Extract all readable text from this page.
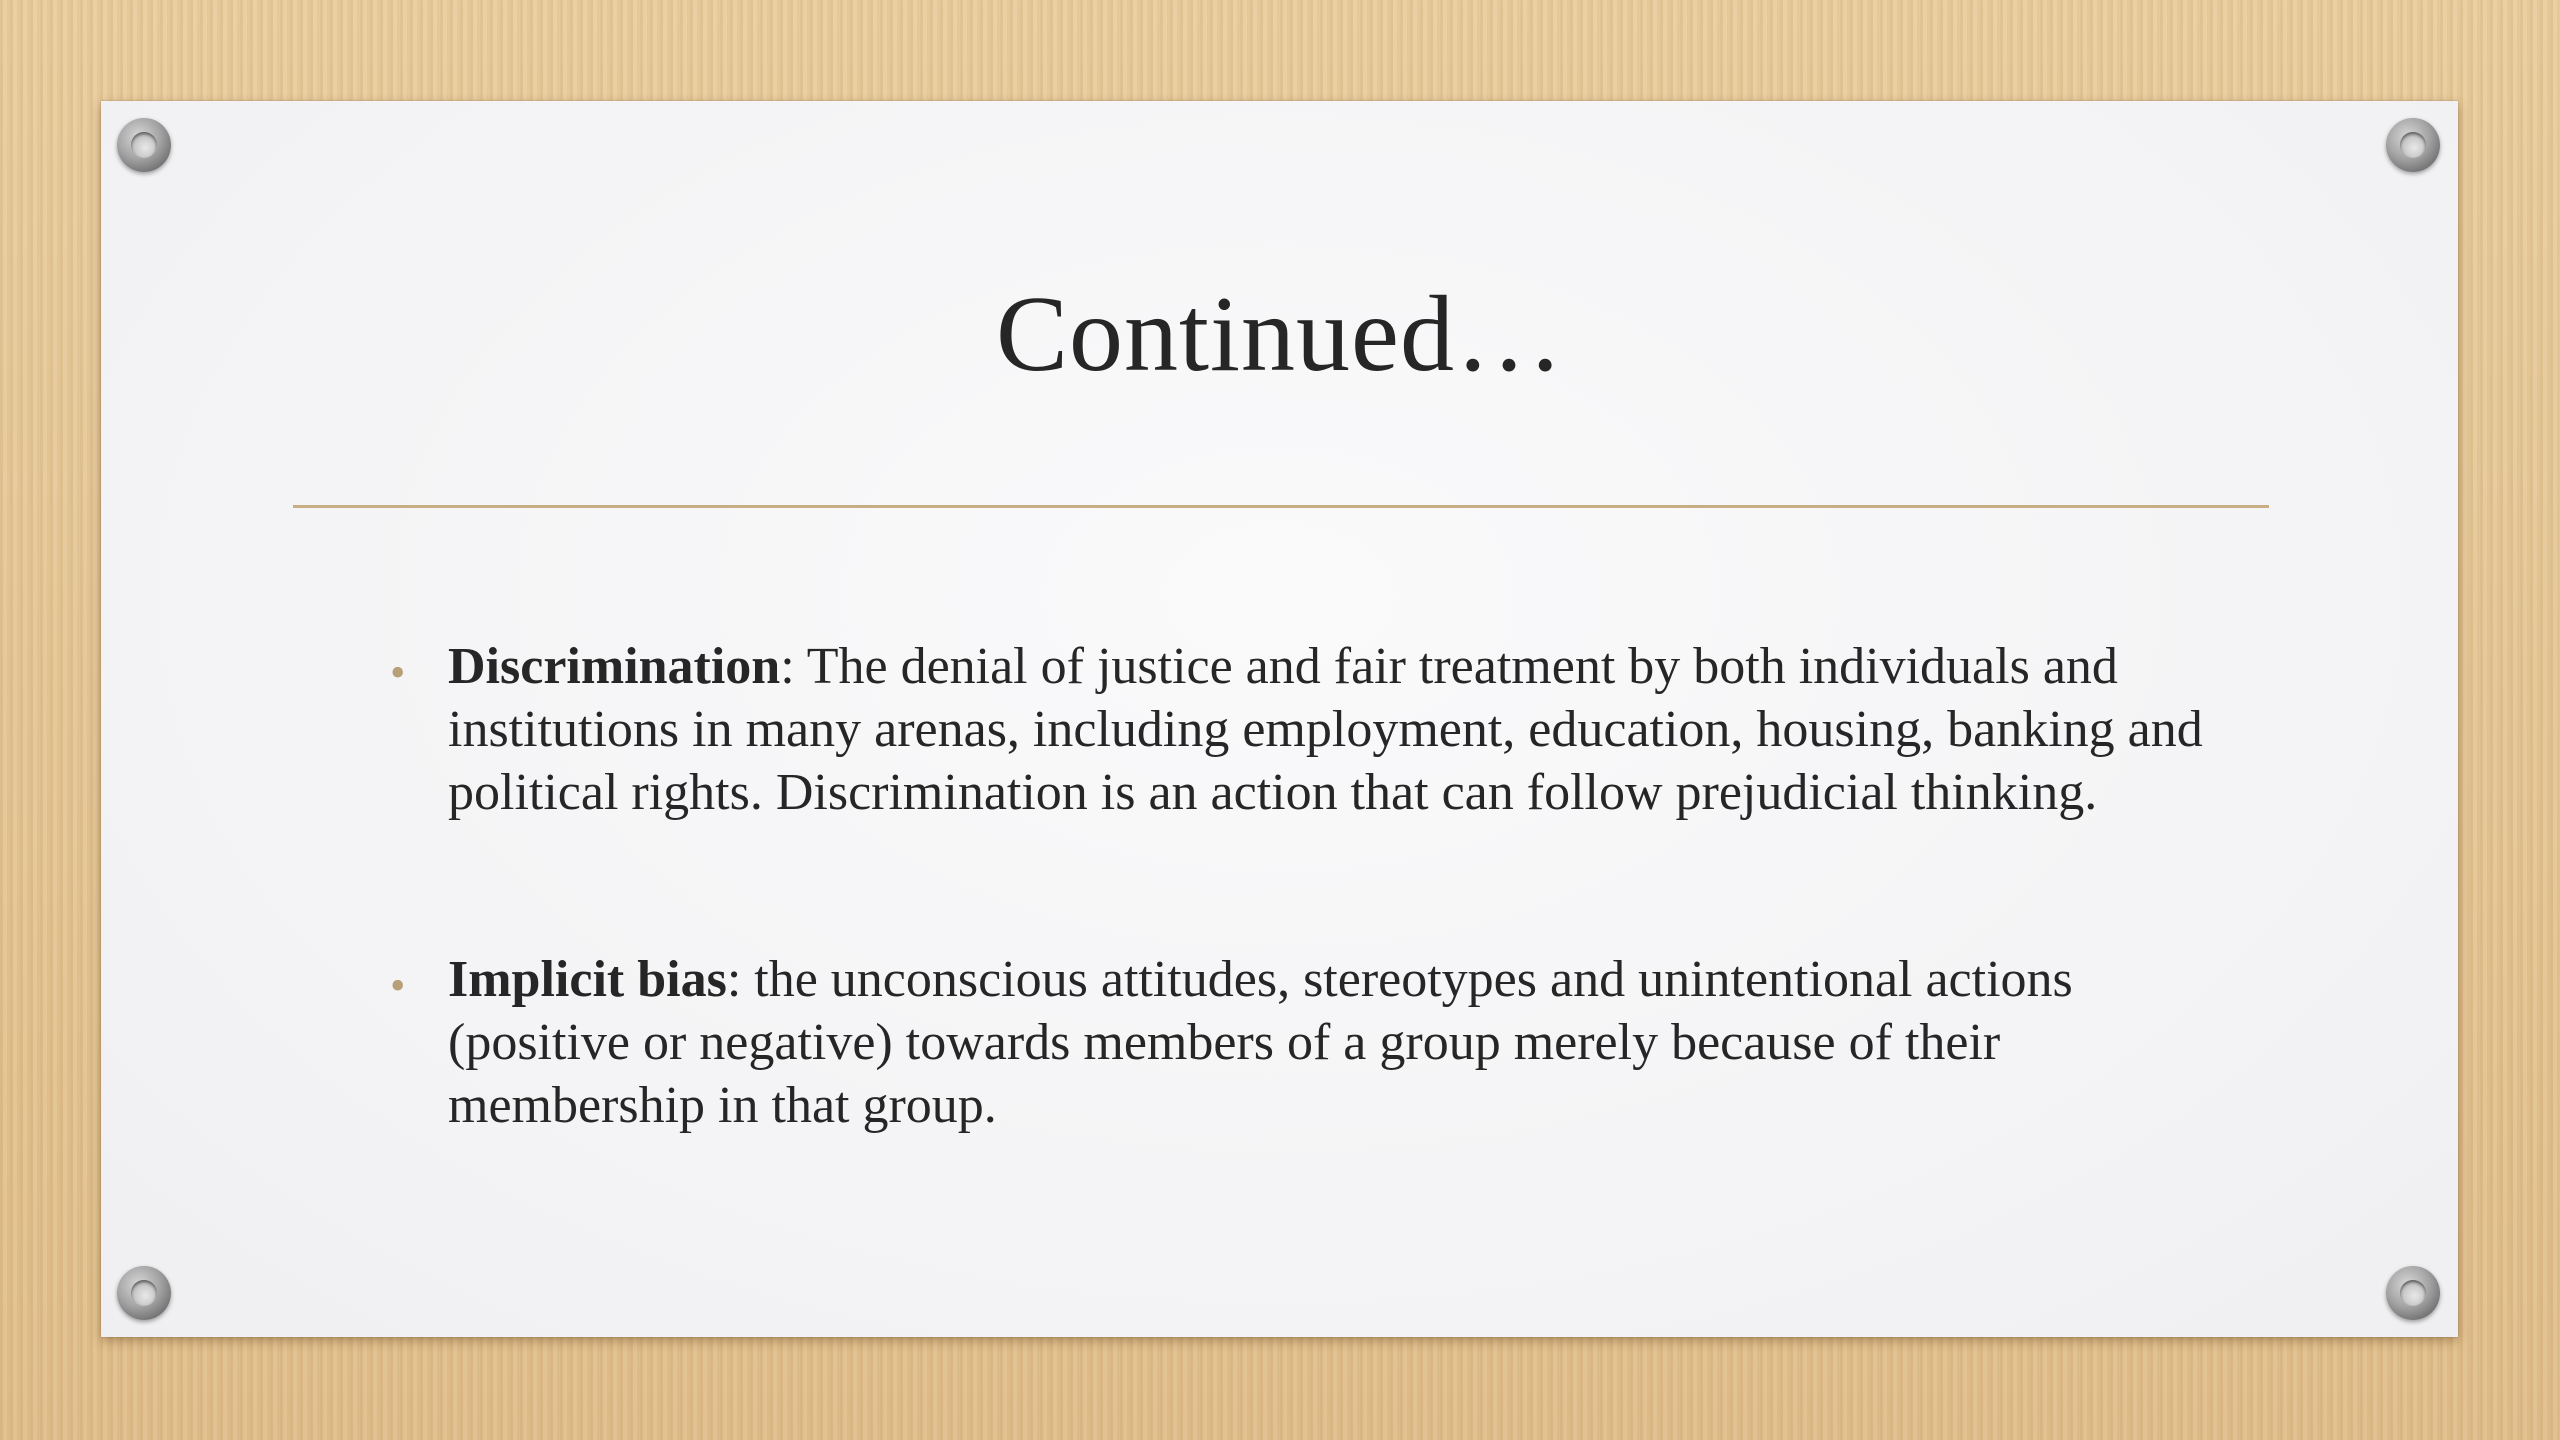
Continued…
• Discrimination: The denial of justice and fair treatment by both individuals and institutions in many arenas, including employment, education, housing, banking and political rights. Discrimination is an action that can follow prejudicial thinking.
• Implicit bias: the unconscious attitudes, stereotypes and unintentional actions (positive or negative) towards members of a group merely because of their membership in that group.
